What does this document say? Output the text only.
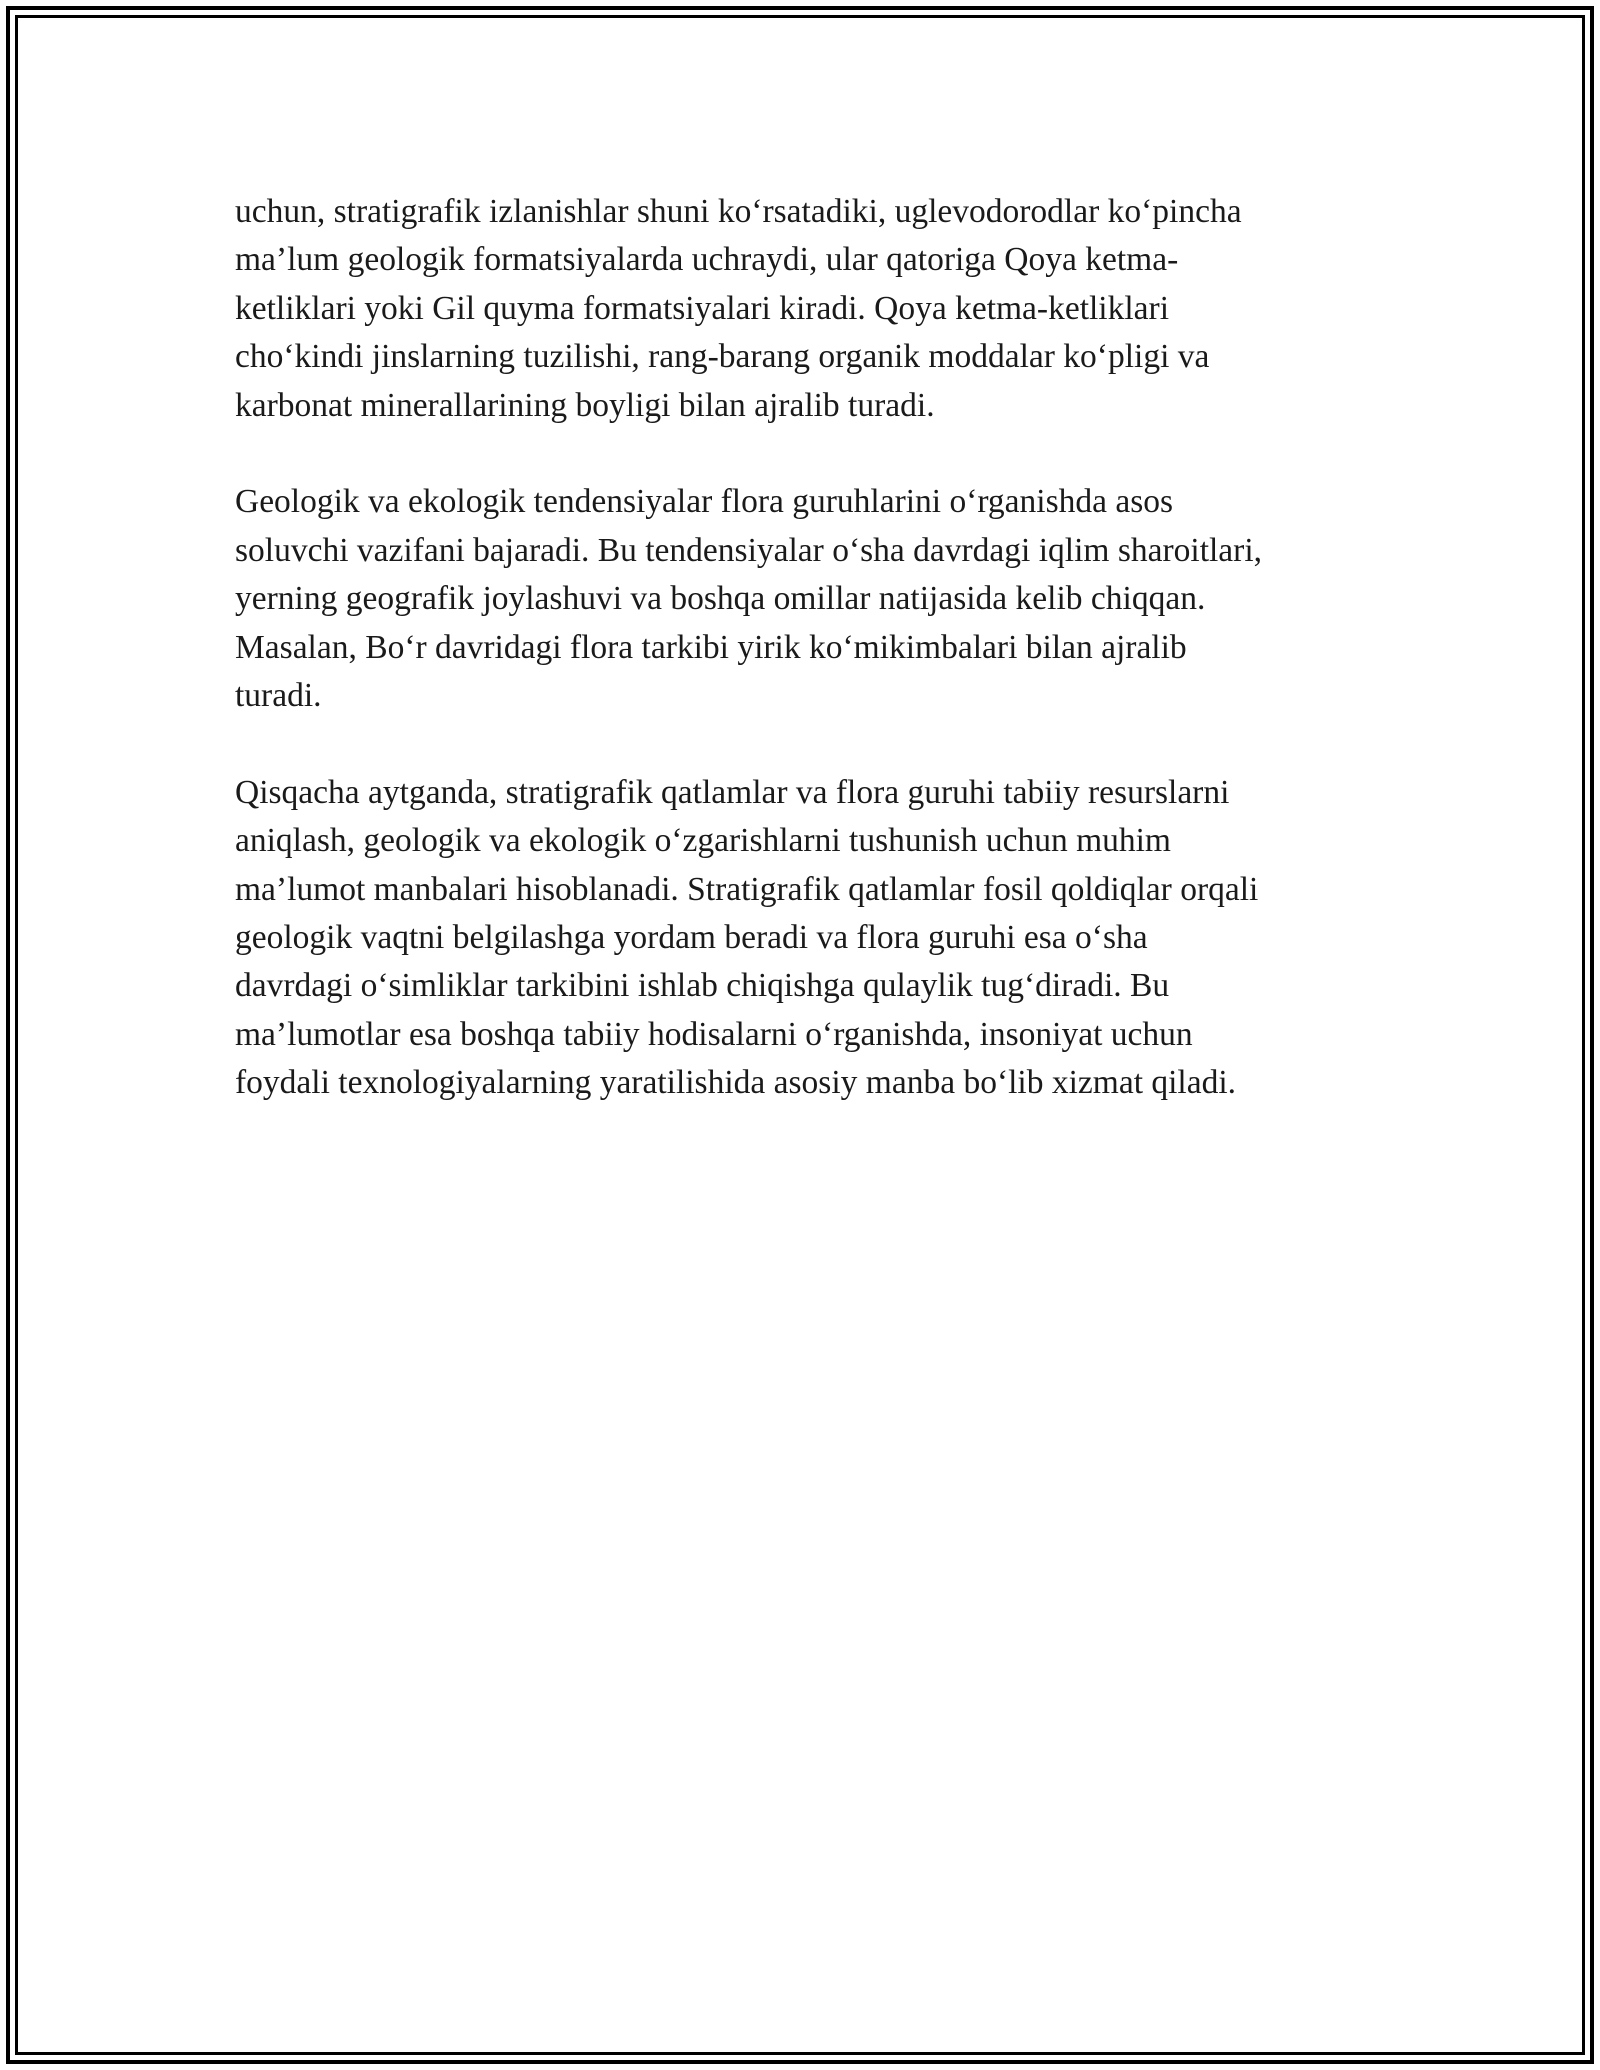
uchun, stratigrafik izlanishlar shuni ko‘rsatadiki, uglevodorodlar ko‘pincha
ma’lum geologik formatsiyalarda uchraydi, ular qatoriga Qoya ketma-
ketliklari yoki Gil quyma formatsiyalari kiradi. Qoya ketma-ketliklari
cho‘kindi jinslarning tuzilishi, rang-barang organik moddalar ko‘pligi va
karbonat minerallarining boyligi bilan ajralib turadi.

Geologik va ekologik tendensiyalar flora guruhlarini o‘rganishda asos
soluvchi vazifani bajaradi. Bu tendensiyalar o‘sha davrdagi iqlim sharoitlari,
yerning geografik joylashuvi va boshqa omillar natijasida kelib chiqqan.
Masalan, Bo‘r davridagi flora tarkibi yirik ko‘mikimbalari bilan ajralib
turadi.

Qisqacha aytganda, stratigrafik qatlamlar va flora guruhi tabiiy resurslarni
aniqlash, geologik va ekologik o‘zgarishlarni tushunish uchun muhim
ma’lumot manbalari hisoblanadi. Stratigrafik qatlamlar fosil qoldiqlar orqali
geologik vaqtni belgilashga yordam beradi va flora guruhi esa o‘sha
davrdagi o‘simliklar tarkibini ishlab chiqishga qulaylik tug‘diradi. Bu
ma’lumotlar esa boshqa tabiiy hodisalarni o‘rganishda, insoniyat uchun
foydali texnologiyalarning yaratilishida asosiy manba bo‘lib xizmat qiladi.
